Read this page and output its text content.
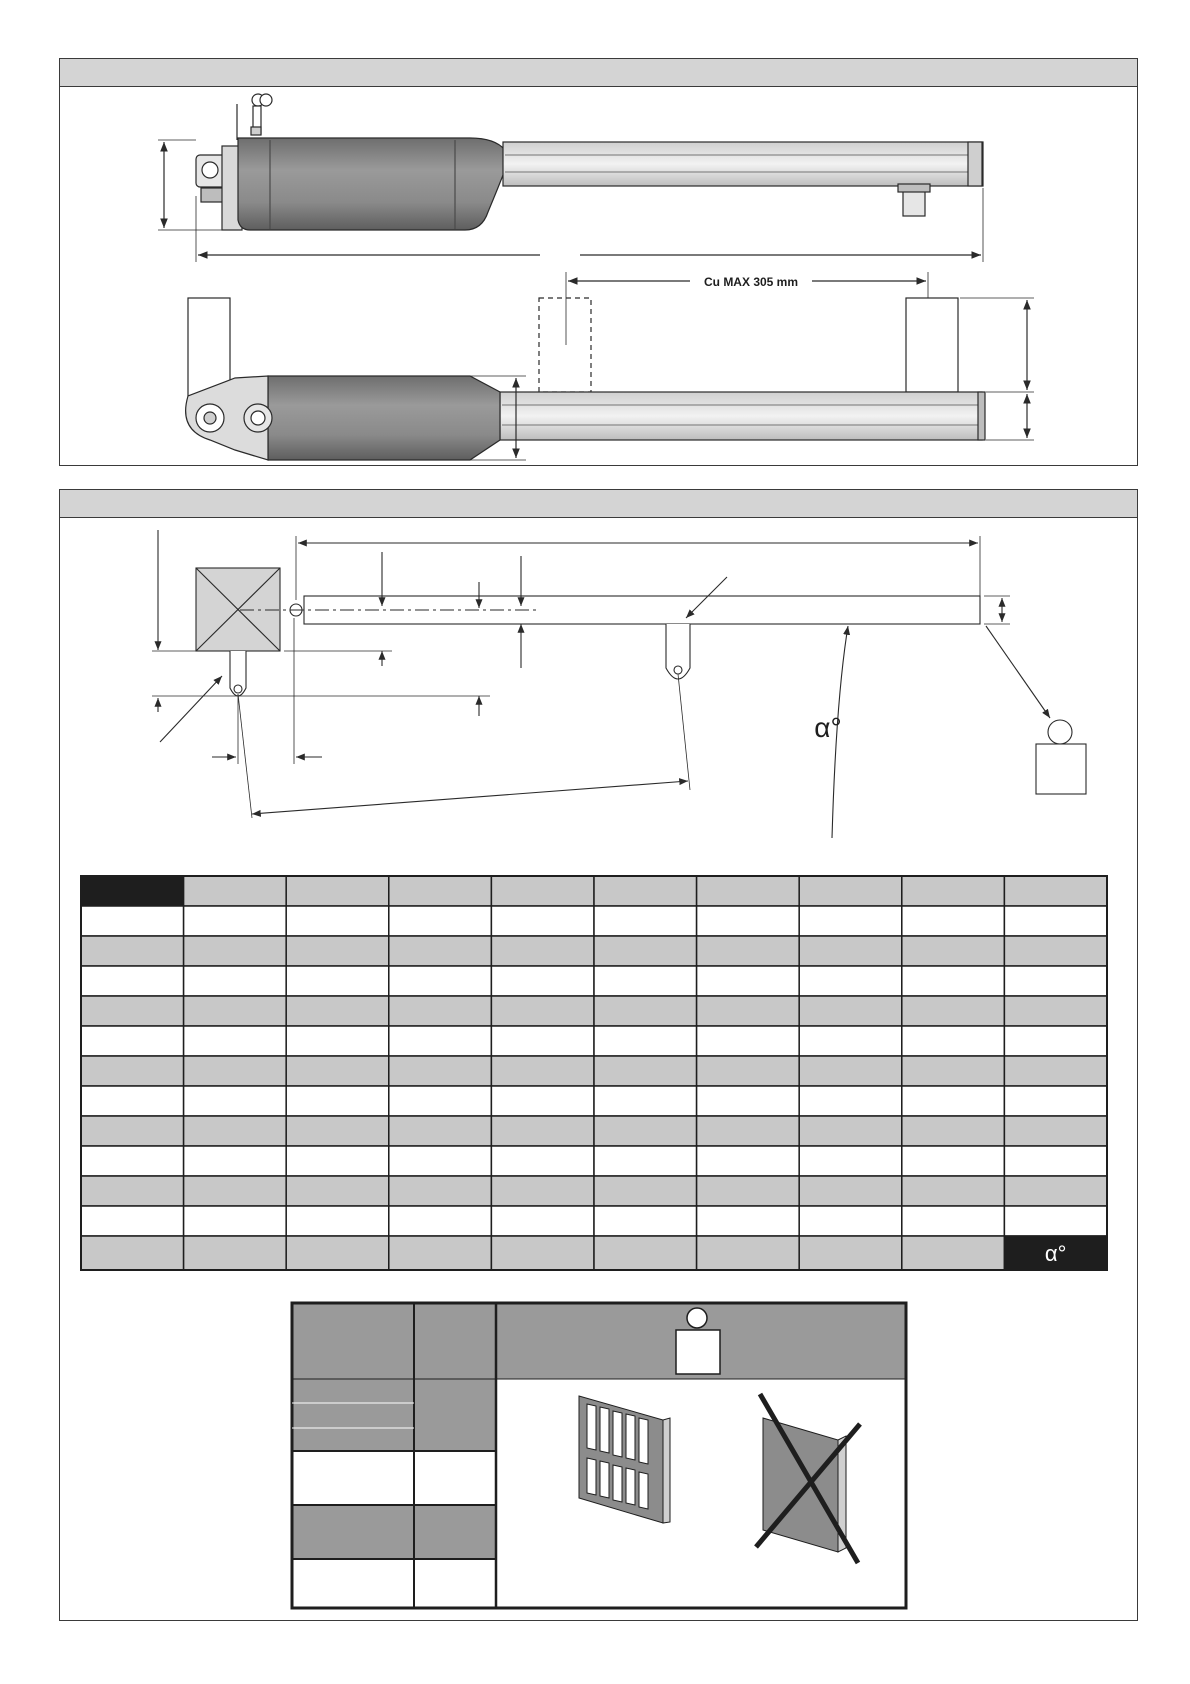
Cu MAX 305 mm
α°
α°
